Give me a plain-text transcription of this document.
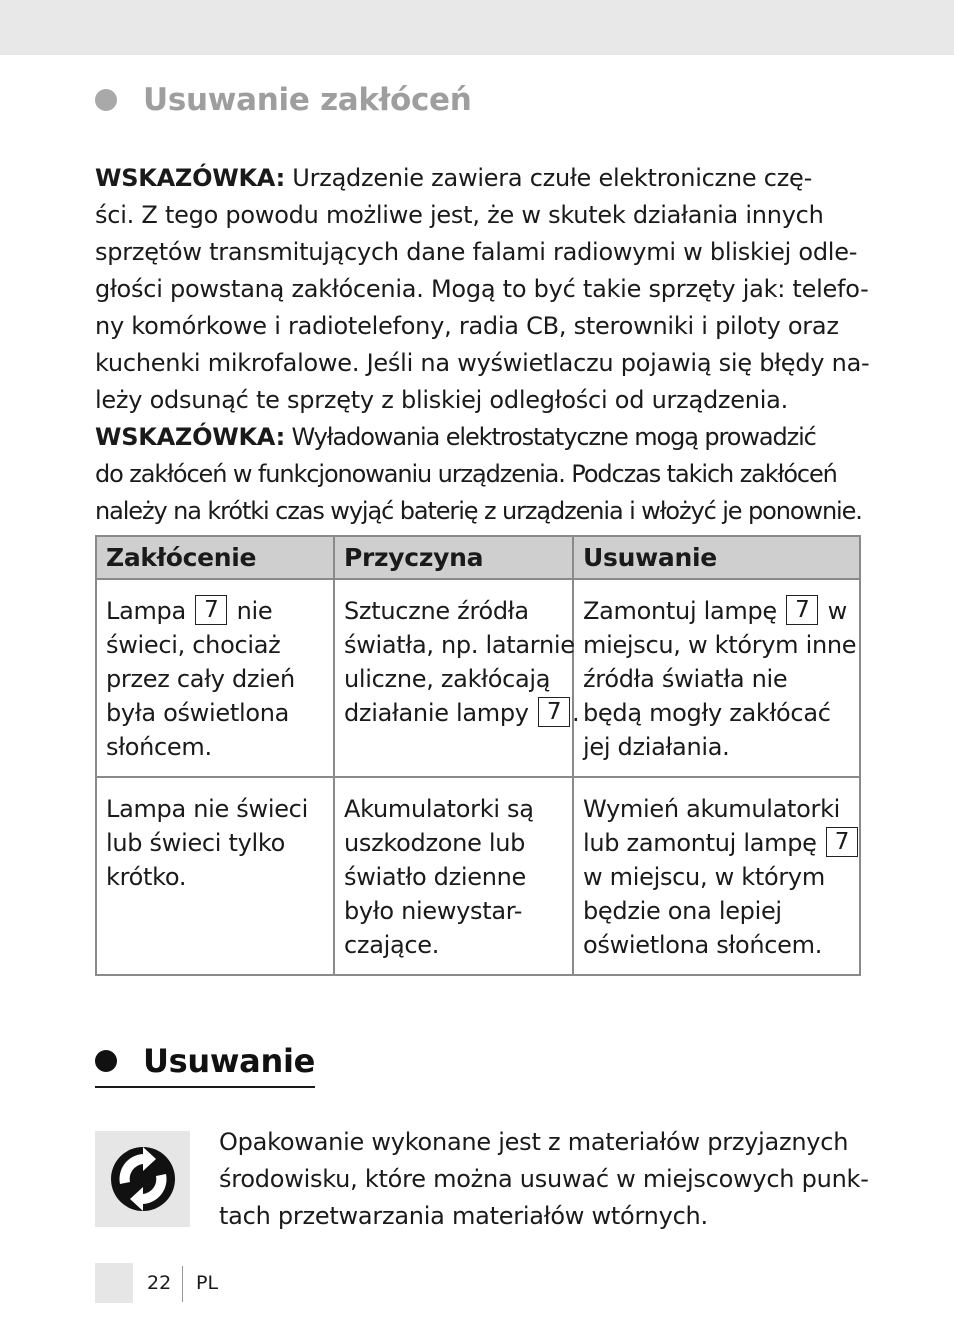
Usuwanie zakłóceń

WSKAZÓWKA: Urządzenie zawiera czułe elektroniczne czę-

ści. Z tego powodu możliwe jest, że w skutek działania innych

sprzętów transmitujących dane falami radiowymi w bliskiej odle-

głości powstaną zakłócenia. Mogą to być takie sprzęty jak: telefo-

ny komórkowe i radiotelefony, radia CB, sterowniki i piloty oraz

kuchenki mikrofalowe. Jeśli na wyświetlaczu pojawią się błędy na-

leży odsunąć te sprzęty z bliskiej odległości od urządzenia.

WSKAZÓWKA: Wyładowania elektrostatyczne mogą prowadzić

do zakłóceń w funkcjonowaniu urządzenia. Podczas takich zakłóceń

należy na krótki czas wyjąć baterię z urządzenia i włożyć je ponownie.

Zakłócenie	Przyczyna	Usuwanie
Lampa 7 nie
świeci, chociaż
przez cały dzień
była oświetlona
słońcem.	Sztuczne źródła
światła, np. latarnie
uliczne, zakłócają
działanie lampy 7 .	Zamontuj lampę 7 w
miejscu, w którym inne
źródła światła nie
będą mogły zakłócać
jej działania.
Lampa nie świeci
lub świeci tylko
krótko.	Akumulatorki są
uszkodzone lub
światło dzienne
było niewystar-
czające.	Wymień akumulatorki
lub zamontuj lampę 7
w miejscu, w którym
będzie ona lepiej
oświetlona słońcem.
Usuwanie

Opakowanie wykonane jest z materiałów przyjaznych

środowisku, które można usuwać w miejscowych punk-

tach przetwarzania materiałów wtórnych.

22 PL
